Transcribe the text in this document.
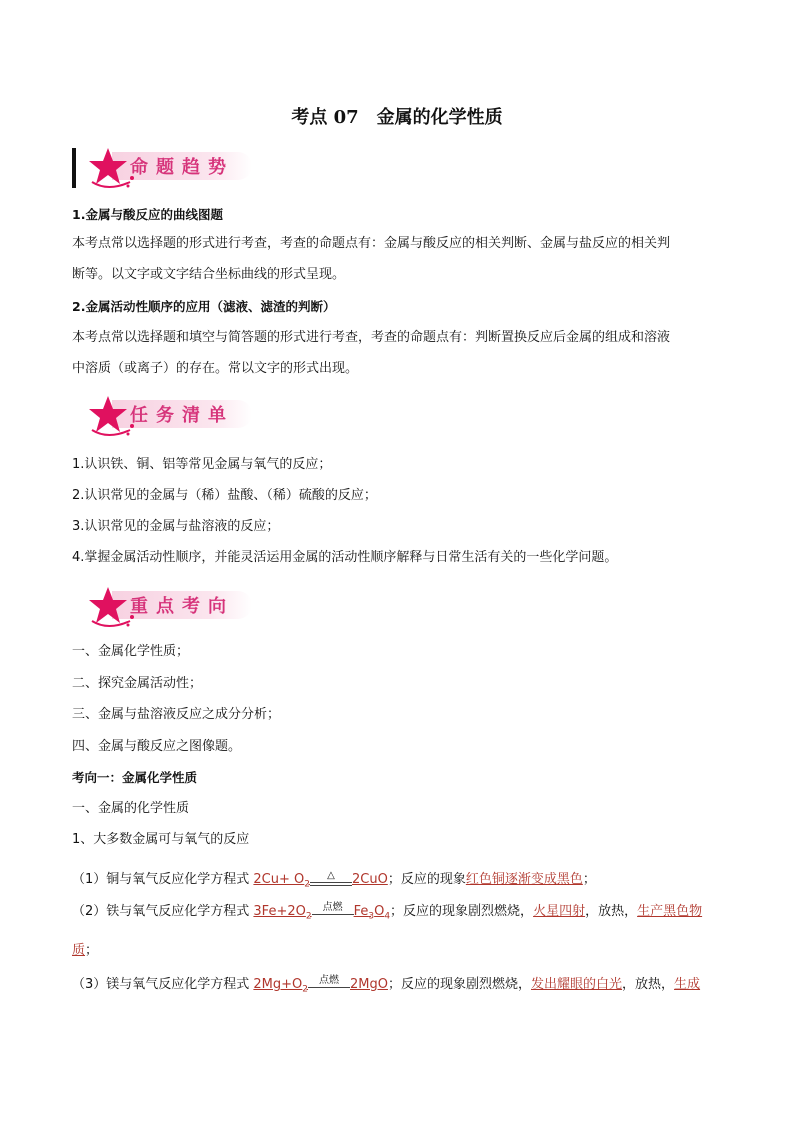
考点 07　金属的化学性质
命题趋势
1.金属与酸反应的曲线图题
本考点常以选择题的形式进行考查，考查的命题点有：金属与酸反应的相关判断、金属与盐反应的相关判
断等。以文字或文字结合坐标曲线的形式呈现。
2.金属活动性顺序的应用（滤液、滤渣的判断）
本考点常以选择题和填空与简答题的形式进行考查，考查的命题点有：判断置换反应后金属的组成和溶液
中溶质（或离子）的存在。常以文字的形式出现。
任务清单
1.认识铁、铜、铝等常见金属与氧气的反应；
2.认识常见的金属与（稀）盐酸、（稀）硫酸的反应；
3.认识常见的金属与盐溶液的反应；
4.掌握金属活动性顺序，并能灵活运用金属的活动性顺序解释与日常生活有关的一些化学问题。
重点考向
一、金属化学性质；
二、探究金属活动性；
三、金属与盐溶液反应之成分分析；
四、金属与酸反应之图像题。
考向一：金属化学性质
一、金属的化学性质
1、大多数金属可与氧气的反应
（1）铜与氧气反应化学方程式 $2Cu+ O_2$
△	2CuO；反应的现象红色铜逐渐变成黑色；
（2）铁与氧气反应化学方程式 $3Fe+2O_2$
点燃 $Fe_3O_4$；反应的现象剧烈燃烧，火星四射，放热，生产黑色物
质；
（3）镁与氧气反应化学方程式 $2Mg+O_2$
点燃 2MgO；反应的现象剧烈燃烧，发出耀眼的白光，放热，生成
